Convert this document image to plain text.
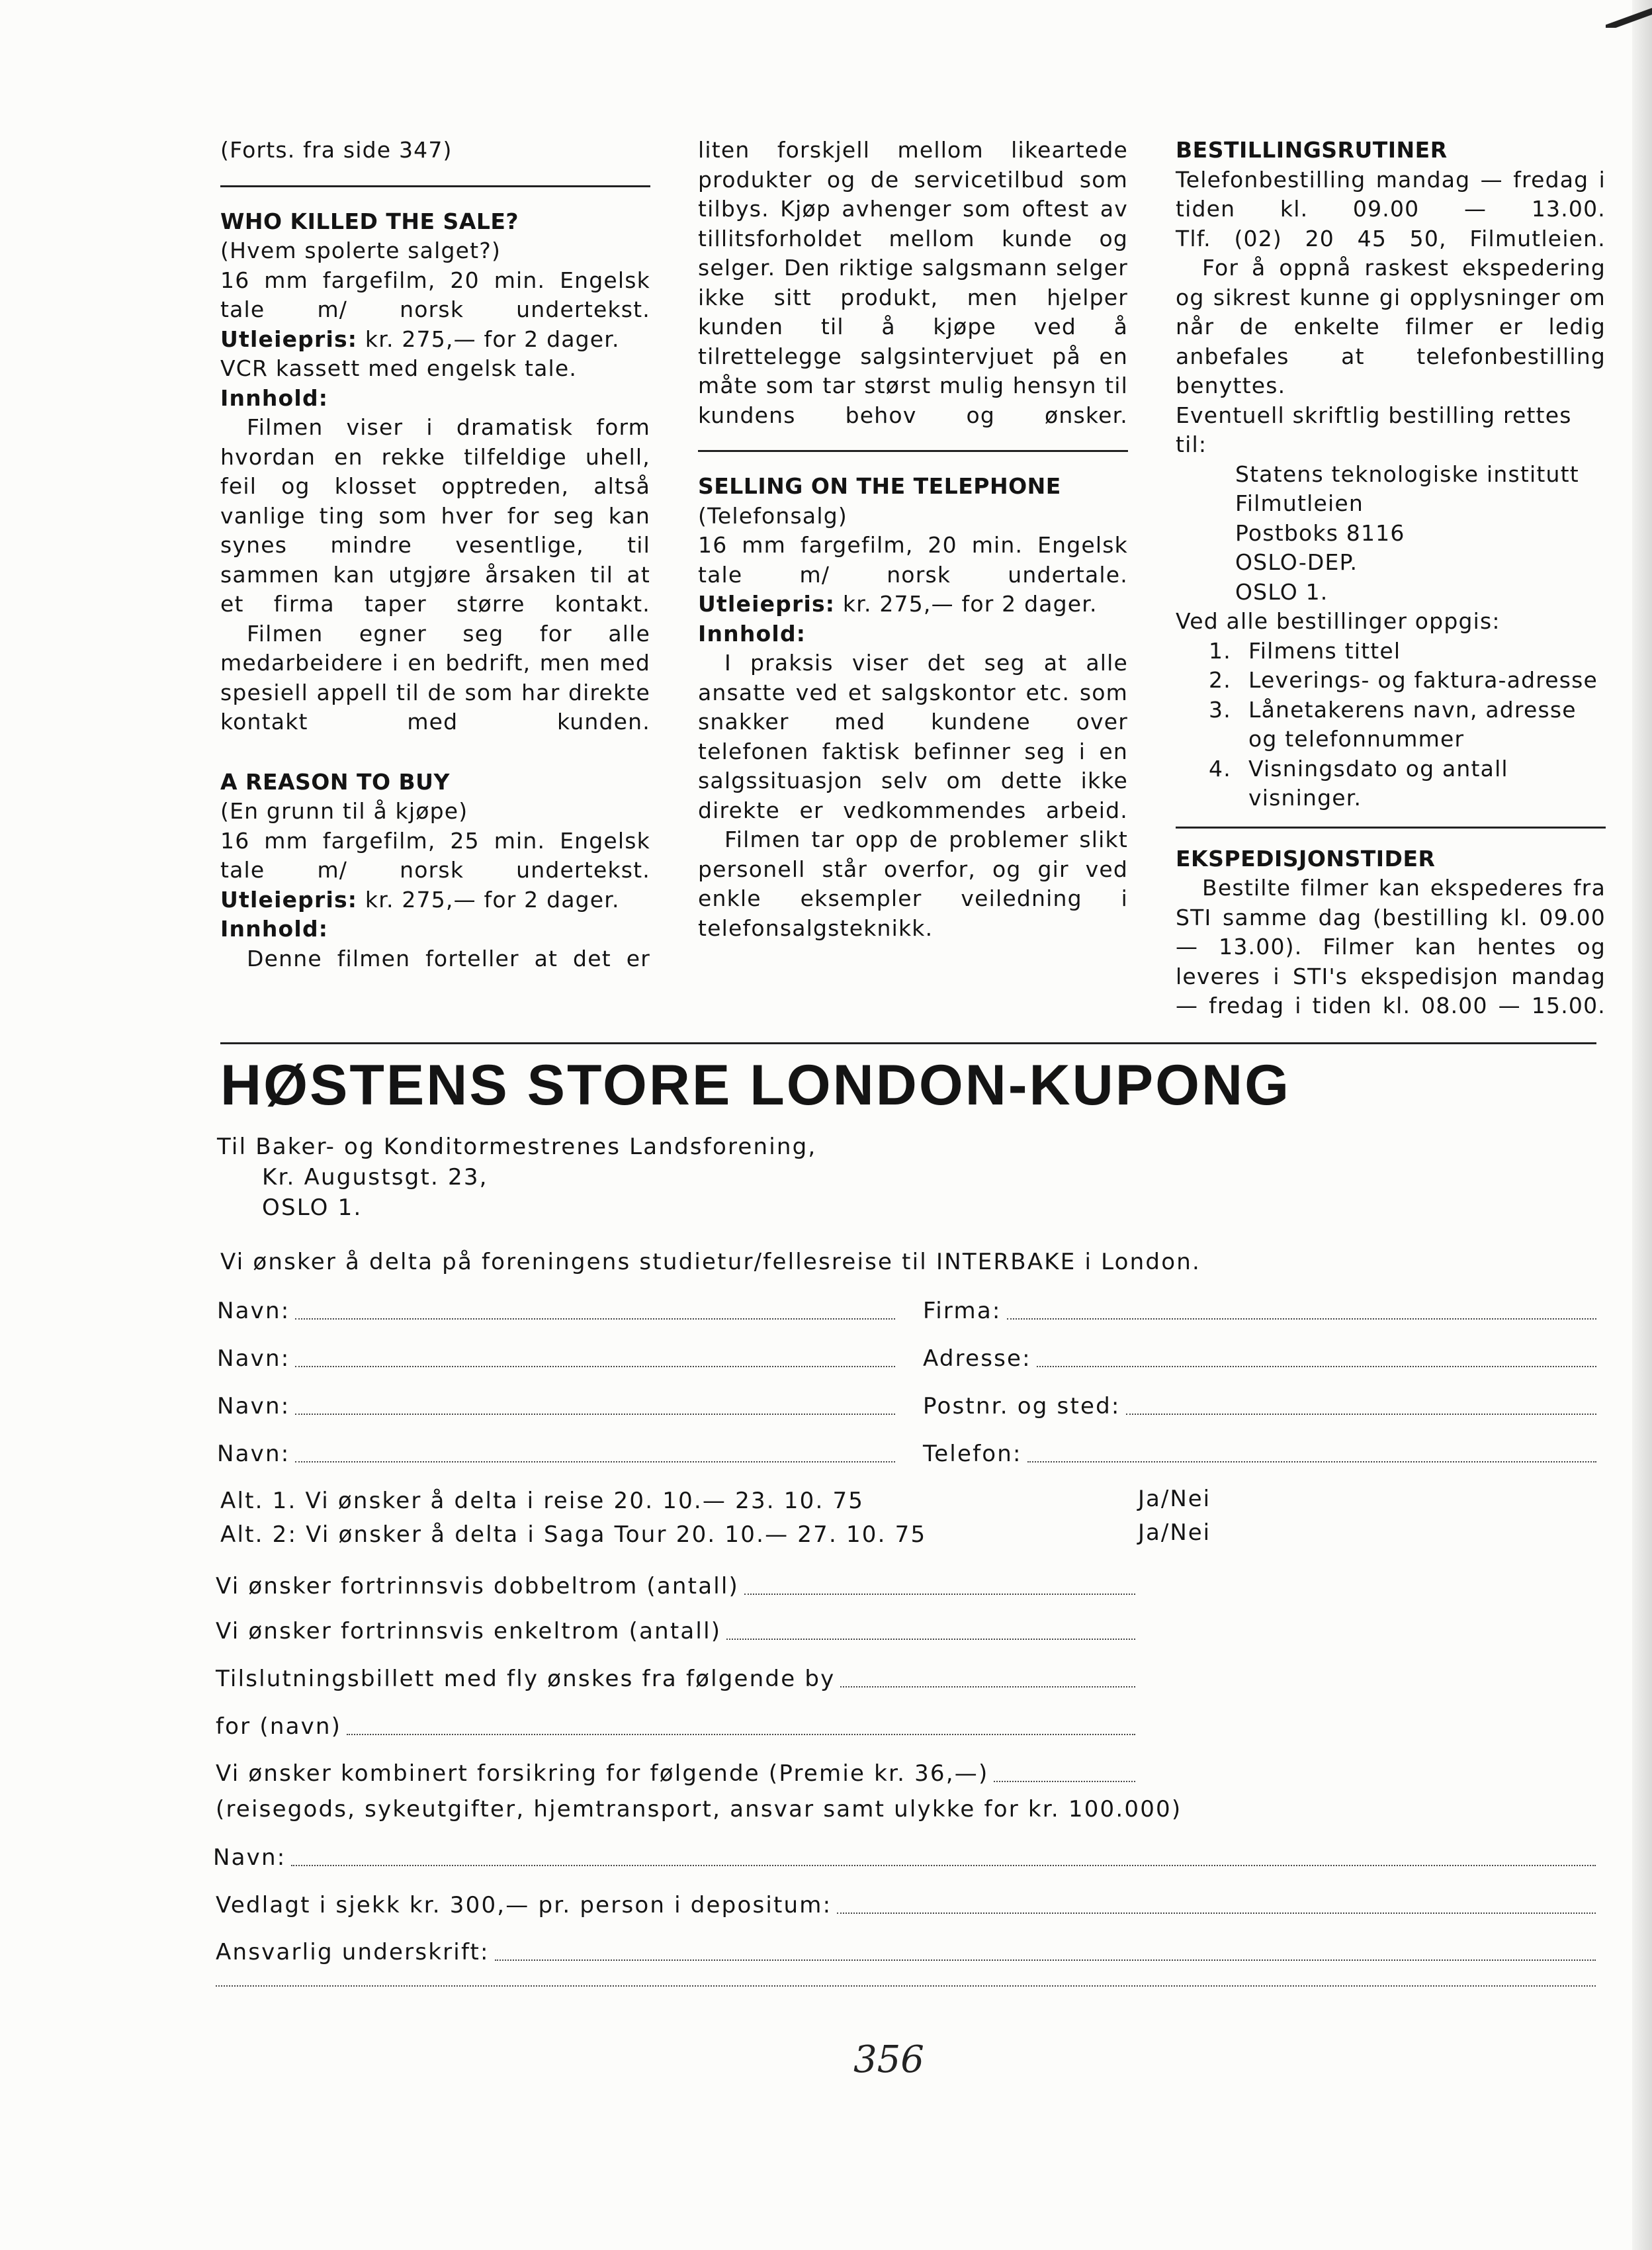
(Forts. fra side 347)

WHO KILLED THE SALE?

(Hvem spolerte salget?)

16 mm fargefilm, 20 min. Engelsk tale m/ norsk undertekst.

Utleiepris: kr. 275,— for 2 dager.

VCR kassett med engelsk tale.

Innhold:

Filmen viser i dramatisk form hvordan en rekke tilfeldige uhell, feil og klosset opptreden, altså vanlige ting som hver for seg kan synes mindre vesentlige, til sammen kan utgjøre årsaken til at et firma taper større kontakt.

Filmen egner seg for alle medarbeidere i en bedrift, men med spesiell appell til de som har direkte kontakt med kunden.

A REASON TO BUY

(En grunn til å kjøpe)

16 mm fargefilm, 25 min. Engelsk tale m/ norsk undertekst.

Utleiepris: kr. 275,— for 2 dager.

Innhold:

Denne filmen forteller at det er

liten forskjell mellom likeartede produkter og de servicetilbud som tilbys. Kjøp avhenger som oftest av tillitsforholdet mellom kunde og selger. Den riktige salgsmann selger ikke sitt produkt, men hjelper kunden til å kjøpe ved å tilrettelegge salgsintervjuet på en måte som tar størst mulig hensyn til kundens behov og ønsker.

SELLING ON THE TELEPHONE

(Telefonsalg)

16 mm fargefilm, 20 min. Engelsk tale m/ norsk undertale.

Utleiepris: kr. 275,— for 2 dager.

Innhold:

I praksis viser det seg at alle ansatte ved et salgskontor etc. som snakker med kundene over telefonen faktisk befinner seg i en salgssituasjon selv om dette ikke direkte er vedkommendes arbeid.

Filmen tar opp de problemer slikt personell står overfor, og gir ved enkle eksempler veiledning i telefonsalgsteknikk.

BESTILLINGSRUTINER

Telefonbestilling mandag — fredag i tiden kl. 09.00 — 13.00.

Tlf. (02) 20 45 50, Filmutleien.

For å oppnå raskest ekspedering og sikrest kunne gi opplysninger om når de enkelte filmer er ledig anbefales at telefonbestilling benyttes.

Eventuell skriftlig bestilling rettes til:

Statens teknologiske institutt

Filmutleien

Postboks 8116

OSLO-DEP.

OSLO 1.

Ved alle bestillinger oppgis:

1. Filmens tittel
2. Leverings- og faktura-adresse
3. Lånetakerens navn, adresse og telefonnummer
4. Visningsdato og antall visninger.

EKSPEDISJONSTIDER

Bestilte filmer kan ekspederes fra STI samme dag (bestilling kl. 09.00 — 13.00). Filmer kan hentes og leveres i STI's ekspedisjon mandag — fredag i tiden kl. 08.00 — 15.00.

HØSTENS STORE LONDON-KUPONG
Til Baker- og Konditormestrenes Landsforening,
Kr. Augustsgt. 23,
OSLO 1.
Vi ønsker å delta på foreningens studietur/fellesreise til INTERBAKE i London.
Navn:	Firma:
Navn:	Adresse:
Navn:	Postnr. og sted:
Navn:	Telefon:
Alt. 1. Vi ønsker å delta i reise 20. 10.— 23. 10. 75	Ja/Nei
Alt. 2: Vi ønsker å delta i Saga Tour 20. 10.— 27. 10. 75	Ja/Nei
Vi ønsker fortrinnsvis dobbeltrom (antall)
Vi ønsker fortrinnsvis enkeltrom (antall)
Tilslutningsbillett med fly ønskes fra følgende by
for (navn)
Vi ønsker kombinert forsikring for følgende (Premie kr. 36,—)
(reisegods, sykeutgifter, hjemtransport, ansvar samt ulykke for kr. 100.000)
Navn:
Vedlagt i sjekk kr. 300,— pr. person i depositum:
Ansvarlig underskrift:
356
